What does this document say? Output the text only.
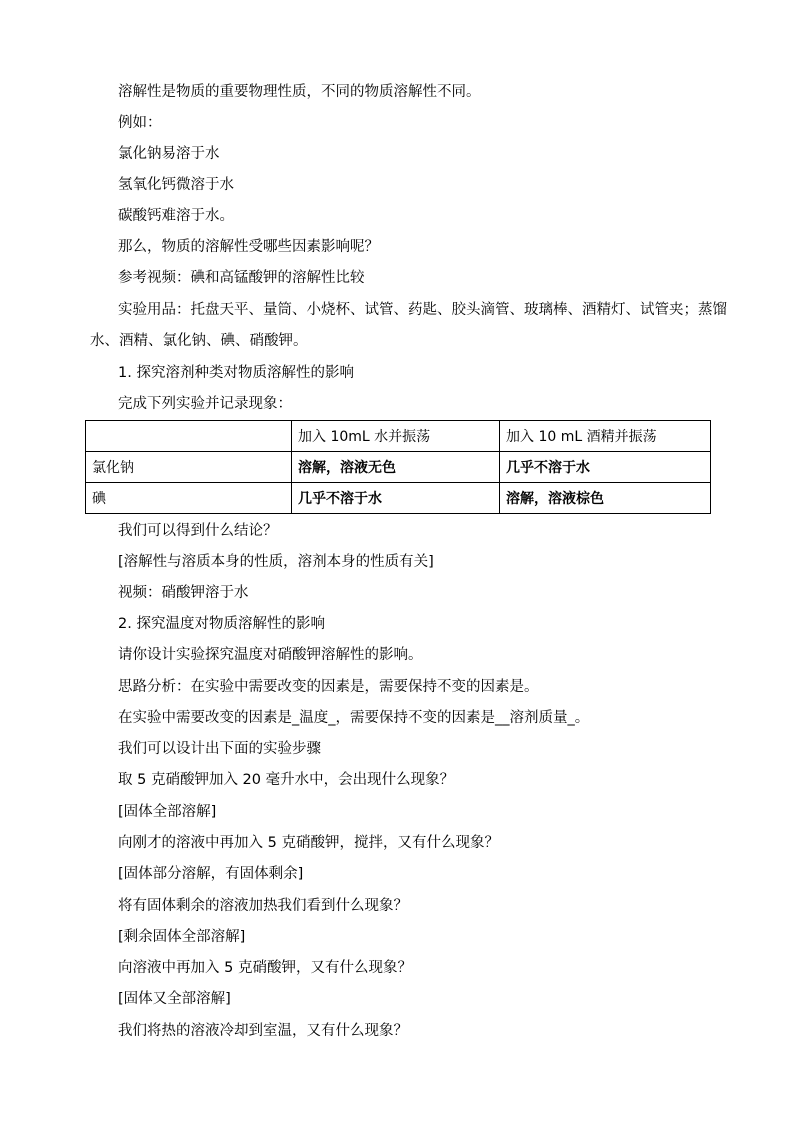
溶解性是物质的重要物理性质，不同的物质溶解性不同。
例如：
氯化钠易溶于水
氢氧化钙微溶于水
碳酸钙难溶于水。
那么，物质的溶解性受哪些因素影响呢？
参考视频：碘和高锰酸钾的溶解性比较
实验用品：托盘天平、量筒、小烧杯、试管、药匙、胶头滴管、玻璃棒、酒精灯、试管夹；蒸馏
水、酒精、氯化钠、碘、硝酸钾。
1. 探究溶剂种类对物质溶解性的影响
完成下列实验并记录现象：
	加入 10mL 水并振荡	加入 10 mL 酒精并振荡
氯化钠	溶解，溶液无色	几乎不溶于水
碘	几乎不溶于水	溶解，溶液棕色
我们可以得到什么结论？
[溶解性与溶质本身的性质，溶剂本身的性质有关]
视频：硝酸钾溶于水
2. 探究温度对物质溶解性的影响
请你设计实验探究温度对硝酸钾溶解性的影响。
思路分析：在实验中需要改变的因素是，需要保持不变的因素是。
在实验中需要改变的因素是_温度_，需要保持不变的因素是__溶剂质量_。
我们可以设计出下面的实验步骤
取 5 克硝酸钾加入 20 毫升水中，会出现什么现象？
[固体全部溶解]
向刚才的溶液中再加入 5 克硝酸钾，搅拌，又有什么现象？
[固体部分溶解，有固体剩余]
将有固体剩余的溶液加热我们看到什么现象？
[剩余固体全部溶解]
向溶液中再加入 5 克硝酸钾，又有什么现象？
[固体又全部溶解]
我们将热的溶液冷却到室温，又有什么现象？
